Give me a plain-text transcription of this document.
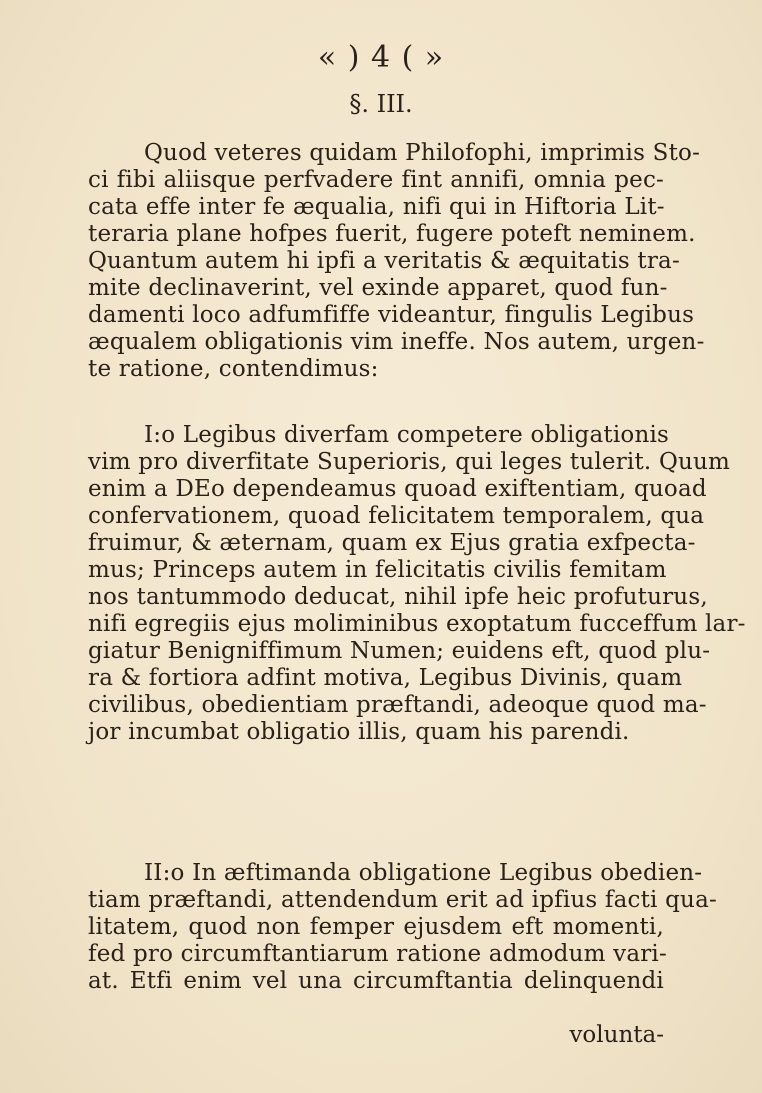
« ) 4 ( »
§. III.
Quod veteres quidam Philofophi, imprimis Sto-
ci fibi aliisque perfvadere fint annifi, omnia pec-
cata effe inter fe æqualia, nifi qui in Hiftoria Lit-
teraria plane hofpes fuerit, fugere poteft neminem.
Quantum autem hi ipfi a veritatis & æquitatis tra-
mite declinaverint, vel exinde apparet, quod fun-
damenti loco adfumfiffe videantur, fingulis Legibus
æqualem obligationis vim ineffe. Nos autem, urgen-
te ratione, contendimus:
I:o Legibus diverfam competere obligationis
vim pro diverfitate Superioris, qui leges tulerit. Quum
enim a DEo dependeamus quoad exiftentiam, quoad
confervationem, quoad felicitatem temporalem, qua
fruimur, & æternam, quam ex Ejus gratia exfpecta-
mus; Princeps autem in felicitatis civilis femitam
nos tantummodo deducat, nihil ipfe heic profuturus,
nifi egregiis ejus moliminibus exoptatum fucceffum lar-
giatur Benigniffimum Numen; euidens eft, quod plu-
ra & fortiora adfint motiva, Legibus Divinis, quam
civilibus, obedientiam præftandi, adeoque quod ma-
jor incumbat obligatio illis, quam his parendi.
II:o In æftimanda obligatione Legibus obedien-
tiam præftandi, attendendum erit ad ipfius facti qua-
litatem, quod non femper ejusdem eft momenti,
fed pro circumftantiarum ratione admodum vari-
at. Etfi enim vel una circumftantia delinquendi
volunta-
